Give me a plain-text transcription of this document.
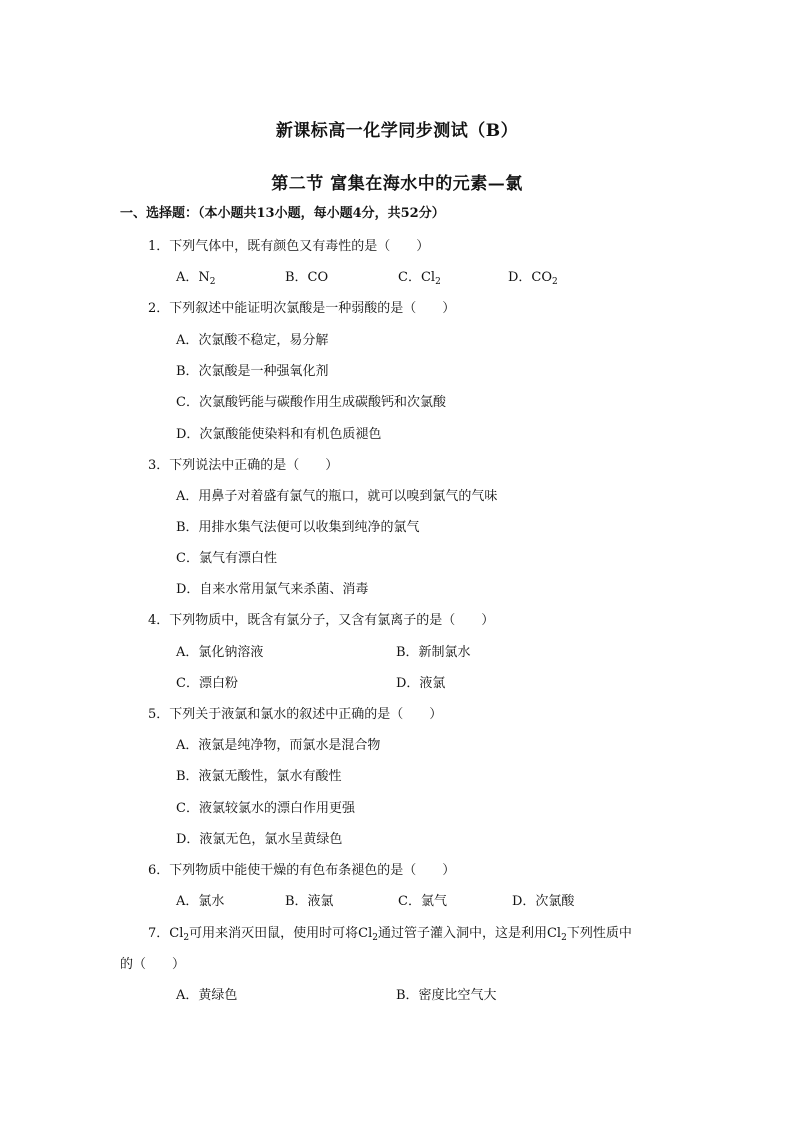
新课标高一化学同步测试（B）
第二节 富集在海水中的元素—氯
一、选择题：（本小题共13小题，每小题4分，共52分）
1．下列气体中，既有颜色又有毒性的是（　　）
A．$N_2$	B．CO	C．$Cl_2$	D．$CO_2$
2．下列叙述中能证明次氯酸是一种弱酸的是（　　）
A．次氯酸不稳定，易分解
B．次氯酸是一种强氧化剂
C．次氯酸钙能与碳酸作用生成碳酸钙和次氯酸
D．次氯酸能使染料和有机色质褪色
3．下列说法中正确的是（　　）
A．用鼻子对着盛有氯气的瓶口，就可以嗅到氯气的气味
B．用排水集气法便可以收集到纯净的氯气
C．氯气有漂白性
D．自来水常用氯气来杀菌、消毒
4．下列物质中，既含有氯分子，又含有氯离子的是（　　）
A．氯化钠溶液	B．新制氯水
C．漂白粉	D．液氯
5．下列关于液氯和氯水的叙述中正确的是（　　）
A．液氯是纯净物，而氯水是混合物
B．液氯无酸性，氯水有酸性
C．液氯较氯水的漂白作用更强
D．液氯无色，氯水呈黄绿色
6．下列物质中能使干燥的有色布条褪色的是（　　）
A．氯水	B．液氯	C．氯气	D．次氯酸
7．$Cl_2$可用来消灭田鼠，使用时可将$Cl_2$通过管子灌入洞中，这是利用$Cl_2$下列性质中
的（　　）
A．黄绿色	B．密度比空气大
